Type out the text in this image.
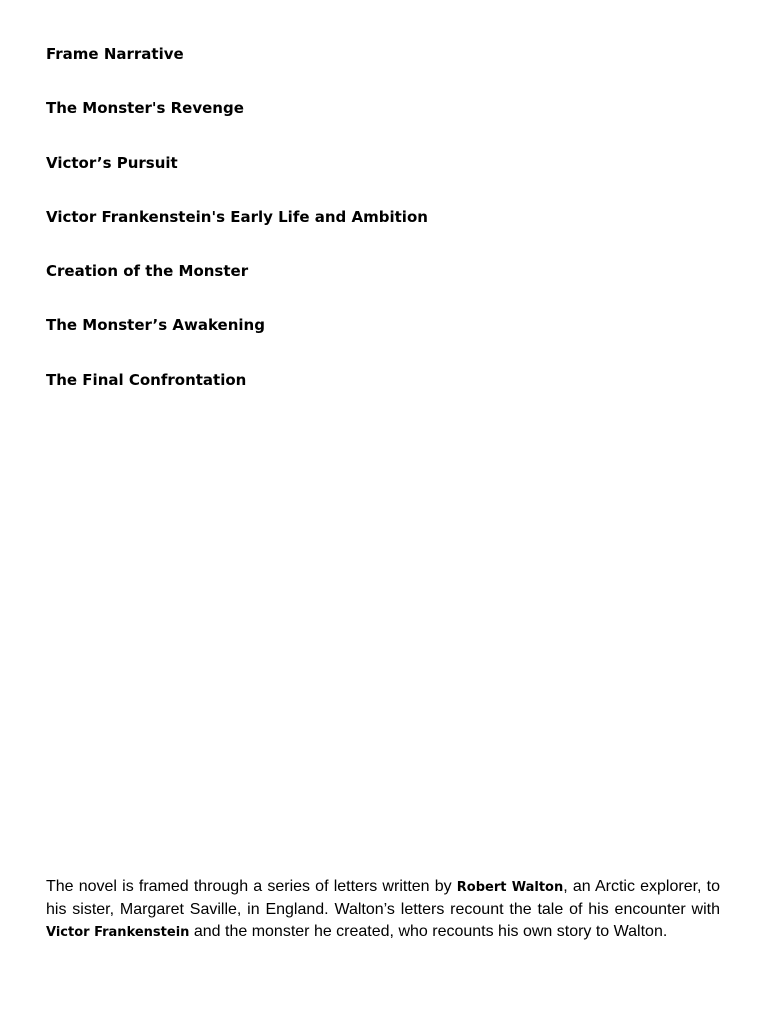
Frame Narrative
The Monster's Revenge
Victor’s Pursuit
Victor Frankenstein's Early Life and Ambition
Creation of the Monster
The Monster’s Awakening
The Final Confrontation

The novel is framed through a series of letters written by Robert Walton, an Arctic explorer, to his sister, Margaret Saville, in England. Walton’s letters recount the tale of his encounter with Victor Frankenstein and the monster he created, who recounts his own story to Walton.
